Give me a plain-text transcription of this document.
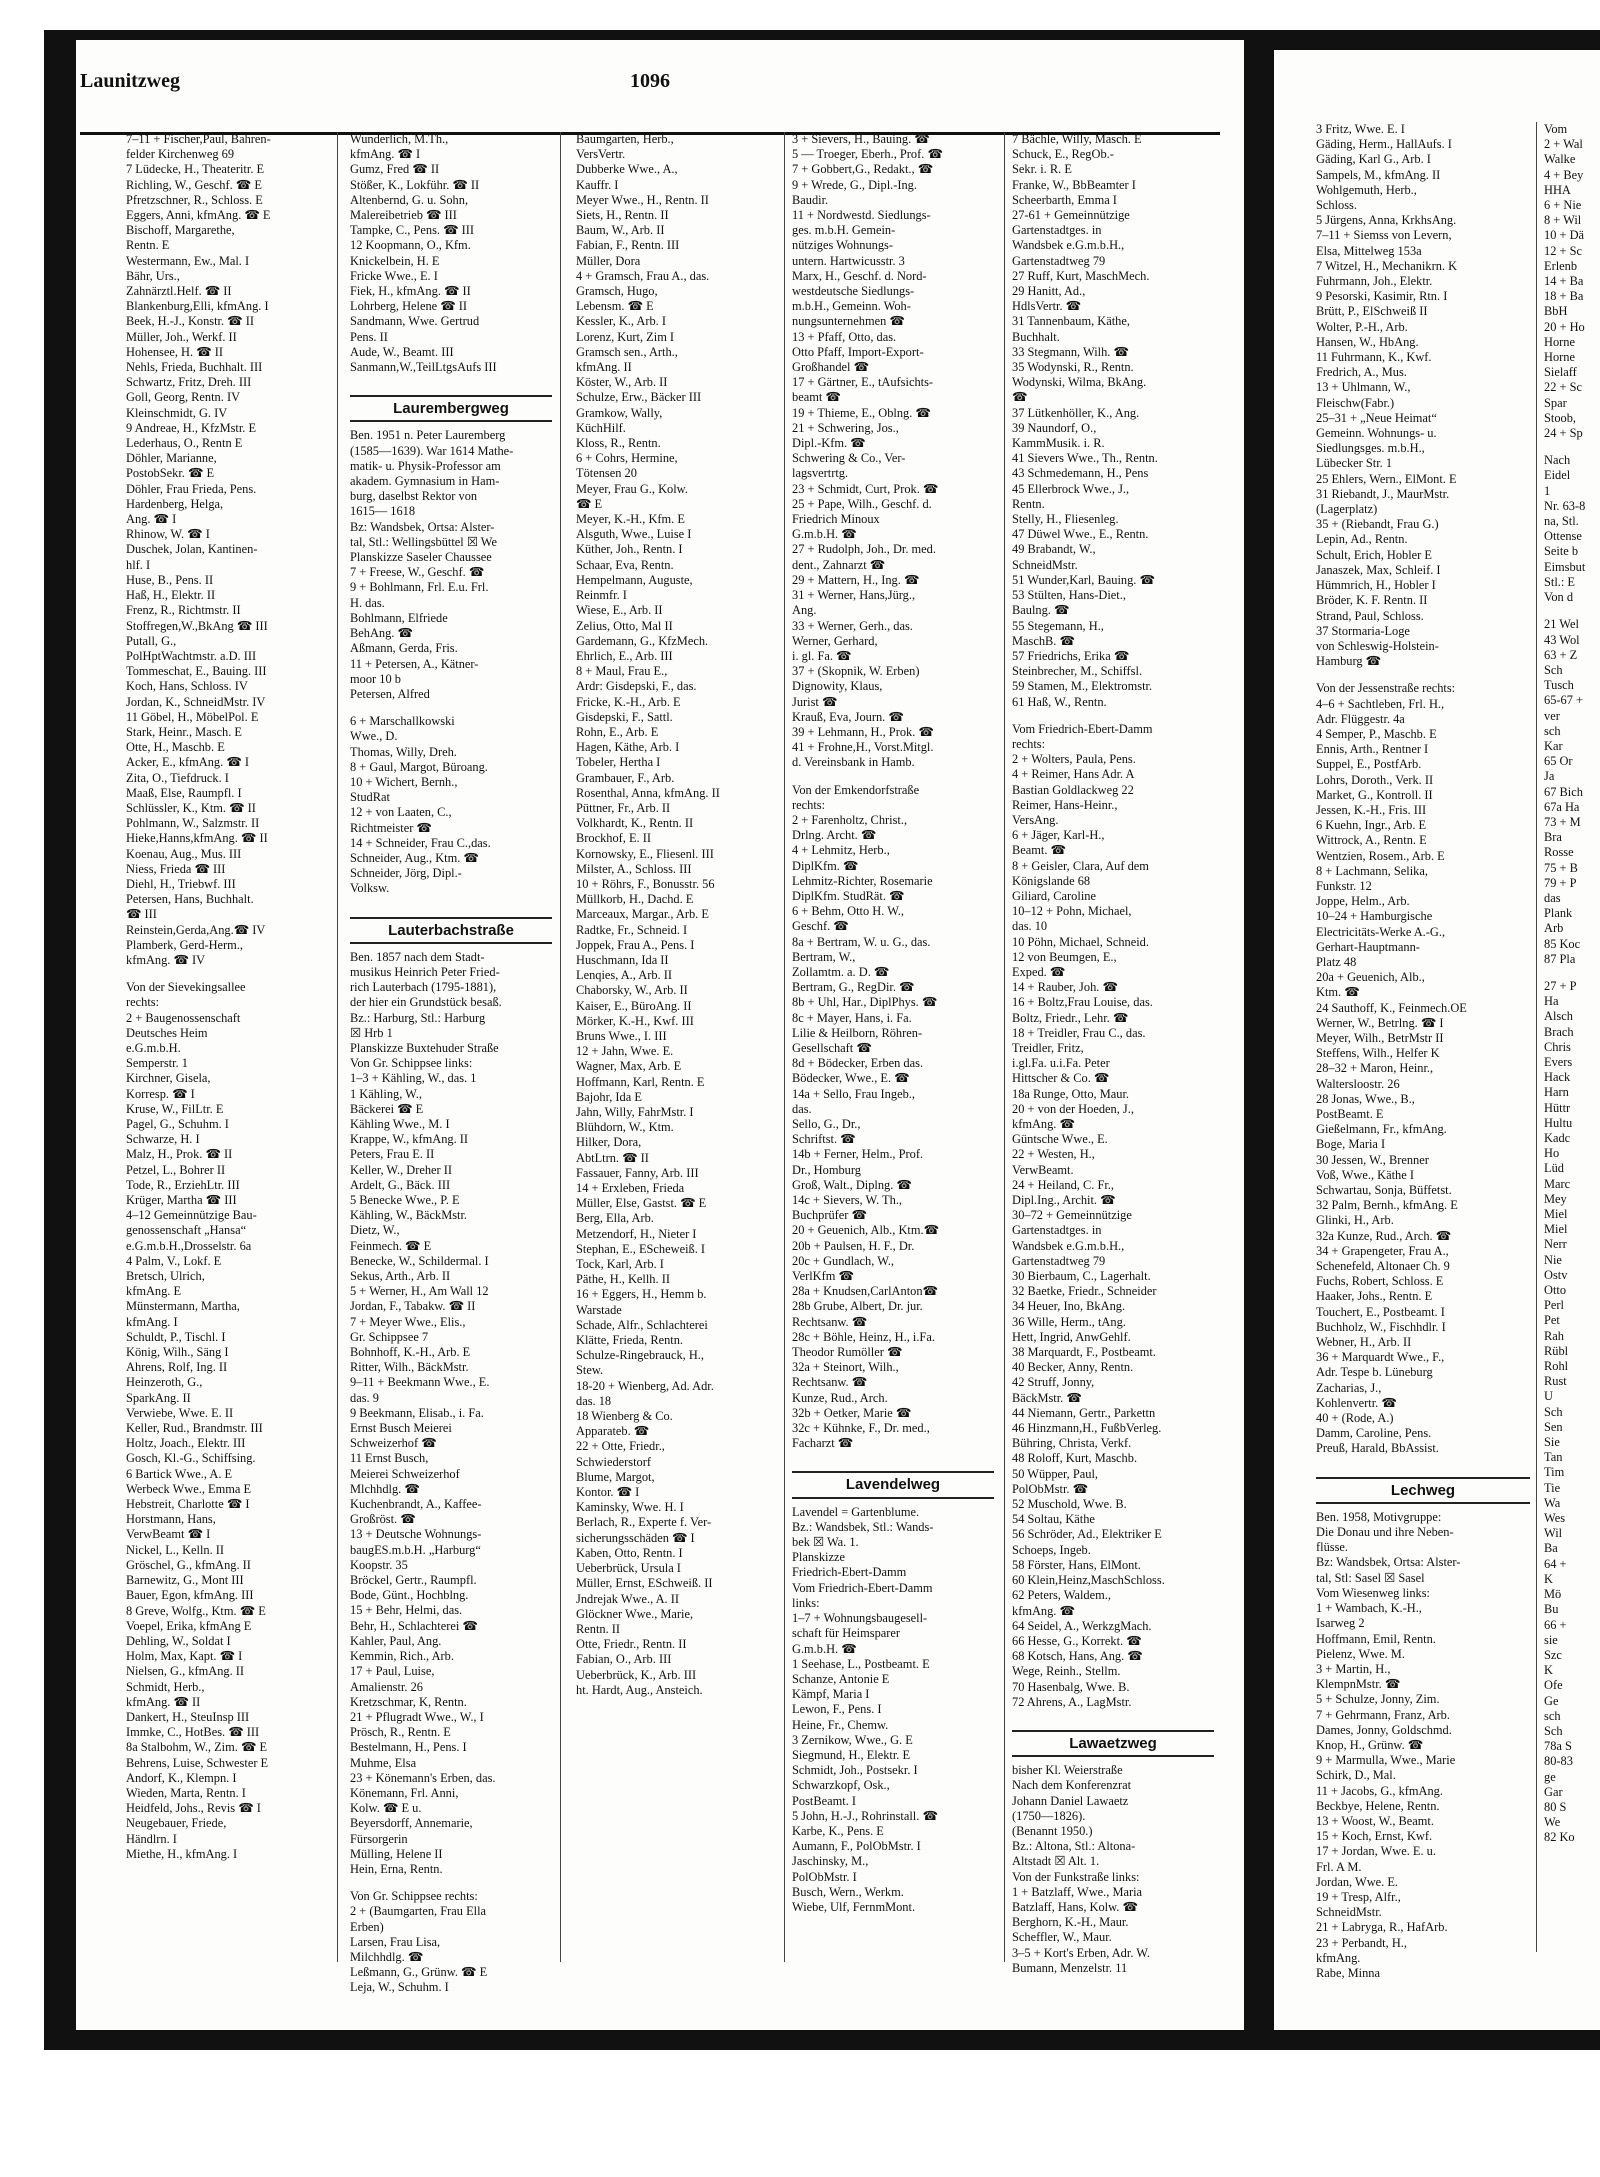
Launitzweg	1096
7–11 + Fischer,Paul, Bahren-
felder Kirchenweg 69
7 Lüdecke, H., Theateritr. E
Richling, W., Geschf. ☎ E
Pfretzschner, R., Schloss. E
Eggers, Anni, kfmAng. ☎ E
Bischoff, Margarethe,
Rentn. E
Westermann, Ew., Mal. I
Bähr, Urs.,
Zahnärztl.Helf. ☎ II
Blankenburg,Elli, kfmAng. I
Beek, H.-J., Konstr. ☎ II
Müller, Joh., Werkf. II
Hohensee, H. ☎ II
Nehls, Frieda, Buchhalt. III
Schwartz, Fritz, Dreh. III
Goll, Georg, Rentn. IV
Kleinschmidt, G. IV
9 Andreae, H., KfzMstr. E
Lederhaus, O., Rentn E
Döhler, Marianne,
PostobSekr. ☎ E
Döhler, Frau Frieda, Pens.
Hardenberg, Helga,
Ang. ☎ I
Rhinow, W. ☎ I
Duschek, Jolan, Kantinen-
hlf. I
Huse, B., Pens. II
Haß, H., Elektr. II
Frenz, R., Richtmstr. II
Stoffregen,W.,BkAng ☎ III
Putall, G.,
PolHptWachtmstr. a.D. III
Tommeschat, E., Bauing. III
Koch, Hans, Schloss. IV
Jordan, K., SchneidMstr. IV
11 Göbel, H., MöbelPol. E
Stark, Heinr., Masch. E
Otte, H., Maschb. E
Acker, E., kfmAng. ☎ I
Zita, O., Tiefdruck. I
Maaß, Else, Raumpfl. I
Schlüssler, K., Ktm. ☎ II
Pohlmann, W., Salzmstr. II
Hieke,Hanns,kfmAng. ☎ II
Koenau, Aug., Mus. III
Niess, Frieda ☎ III
Diehl, H., Triebwf. III
Petersen, Hans, Buchhalt.
☎ III
Reinstein,Gerda,Ang.☎ IV
Plamberk, Gerd-Herm.,
kfmAng. ☎ IV
Von der Sievekingsallee
rechts:
2 + Baugenossenschaft
Deutsches Heim
e.G.m.b.H.
Semperstr. 1
Kirchner, Gisela,
Korresp. ☎ I
Kruse, W., FilLtr. E
Pagel, G., Schuhm. I
Schwarze, H. I
Malz, H., Prok. ☎ II
Petzel, L., Bohrer II
Tode, R., ErziehLtr. III
Krüger, Martha ☎ III
4–12 Gemeinnützige Bau-
genossenschaft „Hansa“
e.G.m.b.H.,Drosselstr. 6a
4 Palm, V., Lokf. E
Bretsch, Ulrich,
kfmAng. E
Münstermann, Martha,
kfmAng. I
Schuldt, P., Tischl. I
König, Wilh., Säng I
Ahrens, Rolf, Ing. II
Heinzeroth, G.,
SparkAng. II
Verwiebe, Wwe. E. II
Keller, Rud., Brandmstr. III
Holtz, Joach., Elektr. III
Gosch, Kl.-G., Schiffsing.
6 Bartick Wwe., A. E
Werbeck Wwe., Emma E
Hebstreit, Charlotte ☎ I
Horstmann, Hans,
VerwBeamt ☎ I
Nickel, L., Kelln. II
Gröschel, G., kfmAng. II
Barnewitz, G., Mont III
Bauer, Egon, kfmAng. III
8 Greve, Wolfg., Ktm. ☎ E
Voepel, Erika, kfmAng E
Dehling, W., Soldat I
Holm, Max, Kapt. ☎ I
Nielsen, G., kfmAng. II
Schmidt, Herb.,
kfmAng. ☎ II
Dankert, H., SteuInsp III
Immke, C., HotBes. ☎ III
8a Stalbohm, W., Zim. ☎ E
Behrens, Luise, Schwester E
Andorf, K., Klempn. I
Wieden, Marta, Rentn. I
Heidfeld, Johs., Revis ☎ I
Neugebauer, Friede,
Händlrn. I
Miethe, H., kfmAng. I
Wunderlich, M.Th.,
kfmAng. ☎ I
Gumz, Fred ☎ II
Stößer, K., Lokführ. ☎ II
Altenbernd, G. u. Sohn,
Malereibetrieb ☎ III
Tampke, C., Pens. ☎ III
12 Koopmann, O., Kfm.
Knickelbein, H. E
Fricke Wwe., E. I
Fiek, H., kfmAng. ☎ II
Lohrberg, Helene ☎ II
Sandmann, Wwe. Gertrud
Pens. II
Aude, W., Beamt. III
Sanmann,W.,TeilLtgsAufs III
Laurembergweg
Ben. 1951 n. Peter Lauremberg
(1585—1639). War 1614 Mathe-
matik- u. Physik-Professor am
akadem. Gymnasium in Ham-
burg, daselbst Rektor von
1615— 1618
Bz: Wandsbek, Ortsa: Alster-
tal, Stl.: Wellingsbüttel ☒ We
Planskizze Saseler Chaussee
7 + Freese, W., Geschf. ☎
9 + Bohlmann, Frl. E.u. Frl.
H. das.
Bohlmann, Elfriede
BehAng. ☎
Aßmann, Gerda, Fris.
11 + Petersen, A., Kätner-
moor 10 b
Petersen, Alfred
6 + Marschallkowski
Wwe., D.
Thomas, Willy, Dreh.
8 + Gaul, Margot, Büroang.
10 + Wichert, Bernh.,
StudRat
12 + von Laaten, C.,
Richtmeister ☎
14 + Schneider, Frau C.,das.
Schneider, Aug., Ktm. ☎
Schneider, Jörg, Dipl.-
Volksw.
Lauterbachstraße
Ben. 1857 nach dem Stadt-
musikus Heinrich Peter Fried-
rich Lauterbach (1795-1881),
der hier ein Grundstück besaß.
Bz.: Harburg, Stl.: Harburg
☒ Hrb 1
Planskizze Buxtehuder Straße
Von Gr. Schippsee links:
1–3 + Kähling, W., das. 1
1 Kähling, W.,
Bäckerei ☎ E
Kähling Wwe., M. I
Krappe, W., kfmAng. II
Peters, Frau E. II
Keller, W., Dreher II
Ardelt, G., Bäck. III
5 Benecke Wwe., P. E
Kähling, W., BäckMstr.
Dietz, W.,
Feinmech. ☎ E
Benecke, W., Schildermal. I
Sekus, Arth., Arb. II
5 + Werner, H., Am Wall 12
Jordan, F., Tabakw. ☎ II
7 + Meyer Wwe., Elis.,
Gr. Schippsee 7
Bohnhoff, K.-H., Arb. E
Ritter, Wilh., BäckMstr.
9–11 + Beekmann Wwe., E.
das. 9
9 Beekmann, Elisab., i. Fa.
Ernst Busch Meierei
Schweizerhof ☎
11 Ernst Busch,
Meierei Schweizerhof
Mlchhdlg. ☎
Kuchenbrandt, A., Kaffee-
Großröst. ☎
13 + Deutsche Wohnungs-
baugES.m.b.H. „Harburg“
Koopstr. 35
Bröckel, Gertr., Raumpfl.
Bode, Günt., Hochblng.
15 + Behr, Helmi, das.
Behr, H., Schlachterei ☎
Kahler, Paul, Ang.
Kemmin, Rich., Arb.
17 + Paul, Luise,
Amalienstr. 26
Kretzschmar, K, Rentn.
21 + Pflugradt Wwe., W., I
Prösch, R., Rentn. E
Bestelmann, H., Pens. I
Muhme, Elsa
23 + Könemann's Erben, das.
Könemann, Frl. Anni,
Kolw. ☎ E u.
Beyersdorff, Annemarie,
Fürsorgerin
Mülling, Helene II
Hein, Erna, Rentn.
Von Gr. Schippsee rechts:
2 + (Baumgarten, Frau Ella
Erben)
Larsen, Frau Lisa,
Milchhdlg. ☎
Leßmann, G., Grünw. ☎ E
Leja, W., Schuhm. I
Baumgarten, Herb.,
VersVertr.
Dubberke Wwe., A.,
Kauffr. I
Meyer Wwe., H., Rentn. II
Siets, H., Rentn. II
Baum, W., Arb. II
Fabian, F., Rentn. III
Müller, Dora
4 + Gramsch, Frau A., das.
Gramsch, Hugo,
Lebensm. ☎ E
Kessler, K., Arb. I
Lorenz, Kurt, Zim I
Gramsch sen., Arth.,
kfmAng. II
Köster, W., Arb. II
Schulze, Erw., Bäcker III
Gramkow, Wally,
KüchHilf.
Kloss, R., Rentn.
6 + Cohrs, Hermine,
Tötensen 20
Meyer, Frau G., Kolw.
☎ E
Meyer, K.-H., Kfm. E
Alsguth, Wwe., Luise I
Küther, Joh., Rentn. I
Schaar, Eva, Rentn.
Hempelmann, Auguste,
Reinmfr. I
Wiese, E., Arb. II
Zelius, Otto, Mal II
Gardemann, G., KfzMech.
Ehrlich, E., Arb. III
8 + Maul, Frau E.,
Ardr: Gisdepski, F., das.
Fricke, K.-H., Arb. E
Gisdepski, F., Sattl.
Rohn, E., Arb. E
Hagen, Käthe, Arb. I
Tobeler, Hertha I
Grambauer, F., Arb.
Rosenthal, Anna, kfmAng. II
Püttner, Fr., Arb. II
Volkhardt, K., Rentn. II
Brockhof, E. II
Kornowsky, E., Fliesenl. III
Milster, A., Schloss. III
10 + Röhrs, F., Bonusstr. 56
Müllkorb, H., Dachd. E
Marceaux, Margar., Arb. E
Radtke, Fr., Schneid. I
Joppek, Frau A., Pens. I
Huschmann, Ida II
Lenqies, A., Arb. II
Chaborsky, W., Arb. II
Kaiser, E., BüroAng. II
Mörker, K.-H., Kwf. III
Bruns Wwe., I. III
12 + Jahn, Wwe. E.
Wagner, Max, Arb. E
Hoffmann, Karl, Rentn. E
Bajohr, Ida E
Jahn, Willy, FahrMstr. I
Blühdorn, W., Ktm.
Hilker, Dora,
AbtLtrn. ☎ II
Fassauer, Fanny, Arb. III
14 + Erxleben, Frieda
Müller, Else, Gastst. ☎ E
Berg, Ella, Arb.
Metzendorf, H., Nieter I
Stephan, E., EScheweiß. I
Tock, Karl, Arb. I
Päthe, H., Kellh. II
16 + Eggers, H., Hemm b.
Warstade
Schade, Alfr., Schlachterei
Klätte, Frieda, Rentn.
Schulze-Ringebrauck, H.,
Stew.
18-20 + Wienberg, Ad. Adr.
das. 18
18 Wienberg & Co.
Apparateb. ☎
22 + Otte, Friedr.,
Schwiederstorf
Blume, Margot,
Kontor. ☎ I
Kaminsky, Wwe. H. I
Berlach, R., Experte f. Ver-
sicherungsschäden ☎ I
Kaben, Otto, Rentn. I
Ueberbrück, Ursula I
Müller, Ernst, ESchweiß. II
Jndrejak Wwe., A. II
Glöckner Wwe., Marie,
Rentn. II
Otte, Friedr., Rentn. II
Fabian, O., Arb. III
Ueberbrück, K., Arb. III
ht. Hardt, Aug., Ansteich.
3 + Sievers, H., Bauing. ☎
5 — Troeger, Eberh., Prof. ☎
7 + Gobbert,G., Redakt., ☎
9 + Wrede, G., Dipl.-Ing.
Baudir.
11 + Nordwestd. Siedlungs-
ges. m.b.H. Gemein-
nütziges Wohnungs-
untern. Hartwicusstr. 3
Marx, H., Geschf. d. Nord-
westdeutsche Siedlungs-
m.b.H., Gemeinn. Woh-
nungsunternehmen ☎
13 + Pfaff, Otto, das.
Otto Pfaff, Import-Export-
Großhandel ☎
17 + Gärtner, E., tAufsichts-
beamt ☎
19 + Thieme, E., Oblng. ☎
21 + Schwering, Jos.,
Dipl.-Kfm. ☎
Schwering & Co., Ver-
lagsvertrtg.
23 + Schmidt, Curt, Prok. ☎
25 + Pape, Wilh., Geschf. d.
Friedrich Minoux
G.m.b.H. ☎
27 + Rudolph, Joh., Dr. med.
dent., Zahnarzt ☎
29 + Mattern, H., Ing. ☎
31 + Werner, Hans,Jürg.,
Ang.
33 + Werner, Gerh., das.
Werner, Gerhard,
i. gl. Fa. ☎
37 + (Skopnik, W. Erben)
Dignowity, Klaus,
Jurist ☎
Krauß, Eva, Journ. ☎
39 + Lehmann, H., Prok. ☎
41 + Frohne,H., Vorst.Mitgl.
d. Vereinsbank in Hamb.
Von der Emkendorfstraße
rechts:
2 + Farenholtz, Christ.,
Drlng. Archt. ☎
4 + Lehmitz, Herb.,
DiplKfm. ☎
Lehmitz-Richter, Rosemarie
DiplKfm. StudRät. ☎
6 + Behm, Otto H. W.,
Geschf. ☎
8a + Bertram, W. u. G., das.
Bertram, W.,
Zollamtm. a. D. ☎
Bertram, G., RegDir. ☎
8b + Uhl, Har., DiplPhys. ☎
8c + Mayer, Hans, i. Fa.
Lilie & Heilborn, Röhren-
Gesellschaft ☎
8d + Bödecker, Erben das.
Bödecker, Wwe., E. ☎
14a + Sello, Frau Ingeb.,
das.
Sello, G., Dr.,
Schriftst. ☎
14b + Ferner, Helm., Prof.
Dr., Homburg
Groß, Walt., Diplng. ☎
14c + Sievers, W. Th.,
Buchprüfer ☎
20 + Geuenich, Alb., Ktm.☎
20b + Paulsen, H. F., Dr.
20c + Gundlach, W.,
VerlKfm ☎
28a + Knudsen,CarlAnton☎
28b Grube, Albert, Dr. jur.
Rechtsanw. ☎
28c + Böhle, Heinz, H., i.Fa.
Theodor Rumöller ☎
32a + Steinort, Wilh.,
Rechtsanw. ☎
Kunze, Rud., Arch.
32b + Oetker, Marie ☎
32c + Kühnke, F., Dr. med.,
Facharzt ☎
Lavendelweg
Lavendel = Gartenblume.
Bz.: Wandsbek, Stl.: Wands-
bek ☒ Wa. 1.
Planskizze
Friedrich-Ebert-Damm
Vom Friedrich-Ebert-Damm
links:
1–7 + Wohnungsbaugesell-
schaft für Heimsparer
G.m.b.H. ☎
1 Seehase, L., Postbeamt. E
Schanze, Antonie E
Kämpf, Maria I
Lewon, F., Pens. I
Heine, Fr., Chemw.
3 Zernikow, Wwe., G. E
Siegmund, H., Elektr. E
Schmidt, Joh., Postsekr. I
Schwarzkopf, Osk.,
PostBeamt. I
5 John, H.-J., Rohrinstall. ☎
Karbe, K., Pens. E
Aumann, F., PolObMstr. I
Jaschinsky, M.,
PolObMstr. I
Busch, Wern., Werkm.
Wiebe, Ulf, FernmMont.
7 Bächle, Willy, Masch. E
Schuck, E., RegOb.-
Sekr. i. R. E
Franke, W., BbBeamter I
Scheerbarth, Emma I
27-61 + Gemeinnützige
Gartenstadtges. in
Wandsbek e.G.m.b.H.,
Gartenstadtweg 79
27 Ruff, Kurt, MaschMech.
29 Hanitt, Ad.,
HdlsVertr. ☎
31 Tannenbaum, Käthe,
Buchhalt.
33 Stegmann, Wilh. ☎
35 Wodynski, R., Rentn.
Wodynski, Wilma, BkAng.
☎
37 Lütkenhöller, K., Ang.
39 Naundorf, O.,
KammMusik. i. R.
41 Sievers Wwe., Th., Rentn.
43 Schmedemann, H., Pens
45 Ellerbrock Wwe., J.,
Rentn.
Stelly, H., Fliesenleg.
47 Düwel Wwe., E., Rentn.
49 Brabandt, W.,
SchneidMstr.
51 Wunder,Karl, Bauing. ☎
53 Stülten, Hans-Diet.,
Baulng. ☎
55 Stegemann, H.,
MaschB. ☎
57 Friedrichs, Erika ☎
Steinbrecher, M., Schiffsl.
59 Stamen, M., Elektromstr.
61 Haß, W., Rentn.
Vom Friedrich-Ebert-Damm
rechts:
2 + Wolters, Paula, Pens.
4 + Reimer, Hans Adr. A
Bastian Goldlackweg 22
Reimer, Hans-Heinr.,
VersAng.
6 + Jäger, Karl-H.,
Beamt. ☎
8 + Geisler, Clara, Auf dem
Königslande 68
Giliard, Caroline
10–12 + Pohn, Michael,
das. 10
10 Pöhn, Michael, Schneid.
12 von Beumgen, E.,
Exped. ☎
14 + Rauber, Joh. ☎
16 + Boltz,Frau Louise, das.
Boltz, Friedr., Lehr. ☎
18 + Treidler, Frau C., das.
Treidler, Fritz,
i.gl.Fa. u.i.Fa. Peter
Hittscher & Co. ☎
18a Runge, Otto, Maur.
20 + von der Hoeden, J.,
kfmAng. ☎
Güntsche Wwe., E.
22 + Westen, H.,
VerwBeamt.
24 + Heiland, C. Fr.,
Dipl.Ing., Archit. ☎
30–72 + Gemeinnützige
Gartenstadtges. in
Wandsbek e.G.m.b.H.,
Gartenstadtweg 79
30 Bierbaum, C., Lagerhalt.
32 Baetke, Friedr., Schneider
34 Heuer, Ino, BkAng.
36 Wille, Herm., tAng.
Hett, Ingrid, AnwGehlf.
38 Marquardt, F., Postbeamt.
40 Becker, Anny, Rentn.
42 Struff, Jonny,
BäckMstr. ☎
44 Niemann, Gertr., Parkettn
46 Hinzmann,H., FußbVerleg.
Bühring, Christa, Verkf.
48 Roloff, Kurt, Maschb.
50 Wüpper, Paul,
PolObMstr. ☎
52 Muschold, Wwe. B.
54 Soltau, Käthe
56 Schröder, Ad., Elektriker E
Schoeps, Ingeb.
58 Förster, Hans, ElMont.
60 Klein,Heinz,MaschSchloss.
62 Peters, Waldem.,
kfmAng. ☎
64 Seidel, A., WerkzgMach.
66 Hesse, G., Korrekt. ☎
68 Kotsch, Hans, Ang. ☎
Wege, Reinh., Stellm.
70 Hasenbalg, Wwe. B.
72 Ahrens, A., LagMstr.
Lawaetzweg
bisher Kl. Weierstraße
Nach dem Konferenzrat
Johann Daniel Lawaetz
(1750—1826).
(Benannt 1950.)
Bz.: Altona, Stl.: Altona-
Altstadt ☒ Alt. 1.
Von der Funkstraße links:
1 + Batzlaff, Wwe., Maria
Batzlaff, Hans, Kolw. ☎
Berghorn, K.-H., Maur.
Scheffler, W., Maur.
3–5 + Kort's Erben, Adr. W.
Bumann, Menzelstr. 11
3 Fritz, Wwe. E. I
Gäding, Herm., HallAufs. I
Gäding, Karl G., Arb. I
Sampels, M., kfmAng. II
Wohlgemuth, Herb.,
Schloss.
5 Jürgens, Anna, KrkhsAng.
7–11 + Siemss von Levern,
Elsa, Mittelweg 153a
7 Witzel, H., Mechanikrn. K
Fuhrmann, Joh., Elektr.
9 Pesorski, Kasimir, Rtn. I
Brütt, P., ElSchweiß II
Wolter, P.-H., Arb.
Hansen, W., HbAng.
11 Fuhrmann, K., Kwf.
Fredrich, A., Mus.
13 + Uhlmann, W.,
Fleischw(Fabr.)
25–31 + „Neue Heimat“
Gemeinn. Wohnungs- u.
Siedlungsges. m.b.H.,
Lübecker Str. 1
25 Ehlers, Wern., ElMont. E
31 Riebandt, J., MaurMstr.
(Lagerplatz)
35 + (Riebandt, Frau G.)
Lepin, Ad., Rentn.
Schult, Erich, Hobler E
Janaszek, Max, Schleif. I
Hümmrich, H., Hobler I
Bröder, K. F. Rentn. II
Strand, Paul, Schloss.
37 Stormaria-Loge
von Schleswig-Holstein-
Hamburg ☎
Von der Jessenstraße rechts:
4–6 + Sachtleben, Frl. H.,
Adr. Flüggestr. 4a
4 Semper, P., Maschb. E
Ennis, Arth., Rentner I
Suppel, E., PostfArb.
Lohrs, Doroth., Verk. II
Market, G., Kontroll. II
Jessen, K.-H., Fris. III
6 Kuehn, Ingr., Arb. E
Wittrock, A., Rentn. E
Wentzien, Rosem., Arb. E
8 + Lachmann, Selika,
Funkstr. 12
Joppe, Helm., Arb.
10–24 + Hamburgische
Electricitäts-Werke A.-G.,
Gerhart-Hauptmann-
Platz 48
20a + Geuenich, Alb.,
Ktm. ☎
24 Sauthoff, K., Feinmech.OE
Werner, W., Betrlng. ☎ I
Meyer, Wilh., BetrMstr II
Steffens, Wilh., Helfer K
28–32 + Maron, Heinr.,
Waltersloostr. 26
28 Jonas, Wwe., B.,
PostBeamt. E
Gießelmann, Fr., kfmAng.
Boge, Maria I
30 Jessen, W., Brenner
Voß, Wwe., Käthe I
Schwartau, Sonja, Büffetst.
32 Palm, Bernh., kfmAng. E
Glinki, H., Arb.
32a Kunze, Rud., Arch. ☎
34 + Grapengeter, Frau A.,
Schenefeld, Altonaer Ch. 9
Fuchs, Robert, Schloss. E
Haaker, Johs., Rentn. E
Touchert, E., Postbeamt. I
Buchholz, W., Fischhdlr. I
Webner, H., Arb. II
36 + Marquardt Wwe., F.,
Adr. Tespe b. Lüneburg
Zacharias, J.,
Kohlenvertr. ☎
40 + (Rode, A.)
Damm, Caroline, Pens.
Preuß, Harald, BbAssist.
Lechweg
Ben. 1958, Motivgruppe:
Die Donau und ihre Neben-
flüsse.
Bz: Wandsbek, Ortsa: Alster-
tal, Stl: Sasel ☒ Sasel
Vom Wiesenweg links:
1 + Wambach, K.-H.,
Isarweg 2
Hoffmann, Emil, Rentn.
Pielenz, Wwe. M.
3 + Martin, H.,
KlempnMstr. ☎
5 + Schulze, Jonny, Zim.
7 + Gehrmann, Franz, Arb.
Dames, Jonny, Goldschmd.
Knop, H., Grünw. ☎
9 + Marmulla, Wwe., Marie
Schirk, D., Mal.
11 + Jacobs, G., kfmAng.
Beckbye, Helene, Rentn.
13 + Woost, W., Beamt.
15 + Koch, Ernst, Kwf.
17 + Jordan, Wwe. E. u.
Frl. A M.
Jordan, Wwe. E.
19 + Tresp, Alfr.,
SchneidMstr.
21 + Labryga, R., HafArb.
23 + Perbandt, H.,
kfmAng.
Rabe, Minna
Vom
2 + Wal
Walke
4 + Bey
HHA
6 + Nie
8 + Wil
10 + Dä
12 + Sc
Erlenb
14 + Ba
18 + Ba
BbH
20 + Ho
Horne
Horne
Sielaff
22 + Sc
Spar
Stoob,
24 + Sp
Nach
Eidel
1
Nr. 63-8
na, Stl.
Ottense
Seite b
Eimsbut
Stl.: E
Von d
21 Wel
43 Wol
63 + Z
Sch
Tusch
65-67 +
ver
sch
Kar
65 Or
Ja
67 Bich
67a Ha
73 + M
Bra
Rosse
75 + B
79 + P
das
Plank
Arb
85 Koc
87 Pla
27 + P
Ha
Alsch
Brach
Chris
Evers
Hack
Harn
Hüttr
Hultu
Kadc
Ho
Lüd
Marc
Mey
Miel
Miel
Nerr
Nie
Ostv
Otto
Perl
Pet
Rah
Rübl
Rohl
Rust
U
Sch
Sen
Sie
Tan
Tim
Tie
Wa
Wes
Wil
Ba
64 +
K
Mö
Bu
66 +
sie
Szc
K
Ofe
Ge
sch
Sch
78a S
80-83
ge
Gar
80 S
We
82 Ko
